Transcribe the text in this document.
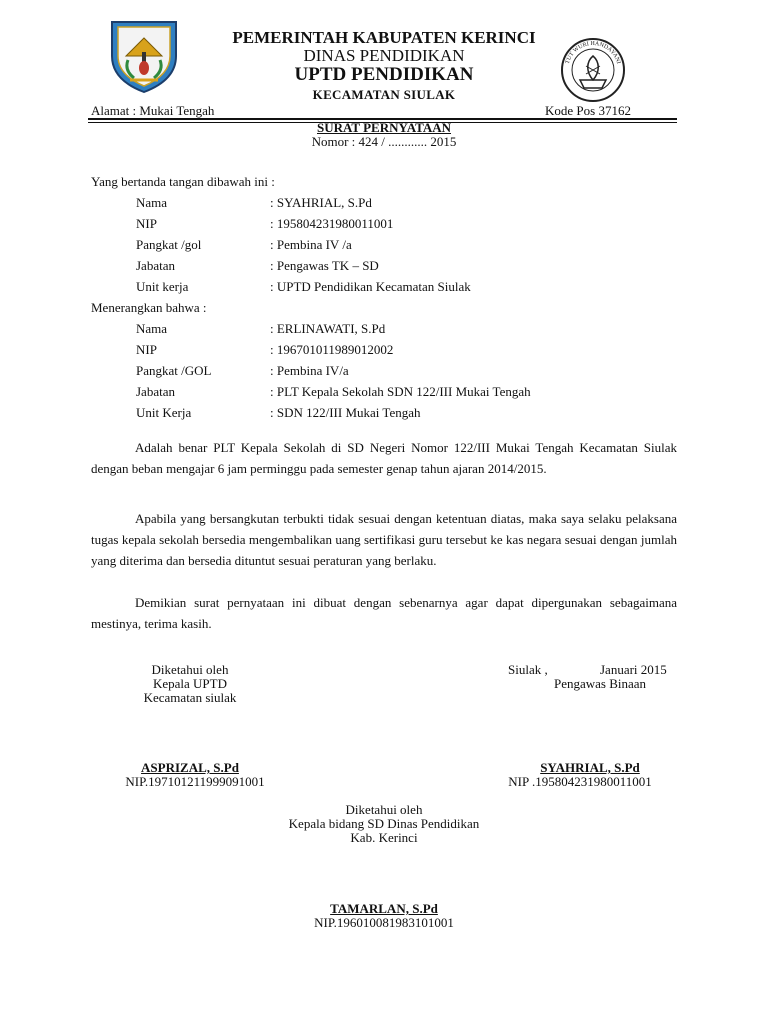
PEMERINTAH KABUPATEN KERINCI
DINAS PENDIDIKAN
UPTD PENDIDIKAN
KECAMATAN SIULAK
TUT WURI HANDAYANI
Alamat : Mukai Tengah	Kode Pos 37162
SURAT PERNYATAAN
Nomor : 424 / ............ 2015
Yang bertanda tangan dibawah ini :
Nama	: SYAHRIAL, S.Pd
NIP	: 195804231980011001
Pangkat /gol	: Pembina IV /a
Jabatan	: Pengawas TK – SD
Unit kerja	: UPTD Pendidikan Kecamatan Siulak
Menerangkan bahwa :
Nama	: ERLINAWATI, S.Pd
NIP	: 196701011989012002
Pangkat /GOL	: Pembina IV/a
Jabatan	: PLT Kepala Sekolah SDN 122/III Mukai Tengah
Unit Kerja	: SDN 122/III Mukai Tengah

Adalah benar PLT Kepala Sekolah di SD Negeri Nomor 122/III Mukai Tengah Kecamatan Siulak dengan beban mengajar 6 jam perminggu pada semester genap tahun ajaran 2014/2015.

Apabila yang bersangkutan terbukti tidak sesuai dengan ketentuan diatas, maka saya selaku pelaksana tugas kepala sekolah bersedia mengembalikan uang sertifikasi guru tersebut ke kas negara sesuai dengan jumlah yang diterima dan bersedia dituntut sesuai peraturan yang berlaku.

Demikian surat pernyataan ini dibuat dengan sebenarnya agar dapat dipergunakan sebagaimana mestinya, terima kasih.

Diketahui oleh
Kepala UPTD
Kecamatan siulak
ASPRIZAL, S.Pd
NIP.197101211999091001
Siulak ,	Januari 2015
Pengawas Binaan
SYAHRIAL, S.Pd
NIP .195804231980011001
Diketahui oleh
Kepala bidang SD Dinas Pendidikan
Kab. Kerinci
TAMARLAN, S.Pd
NIP.196010081983101001
